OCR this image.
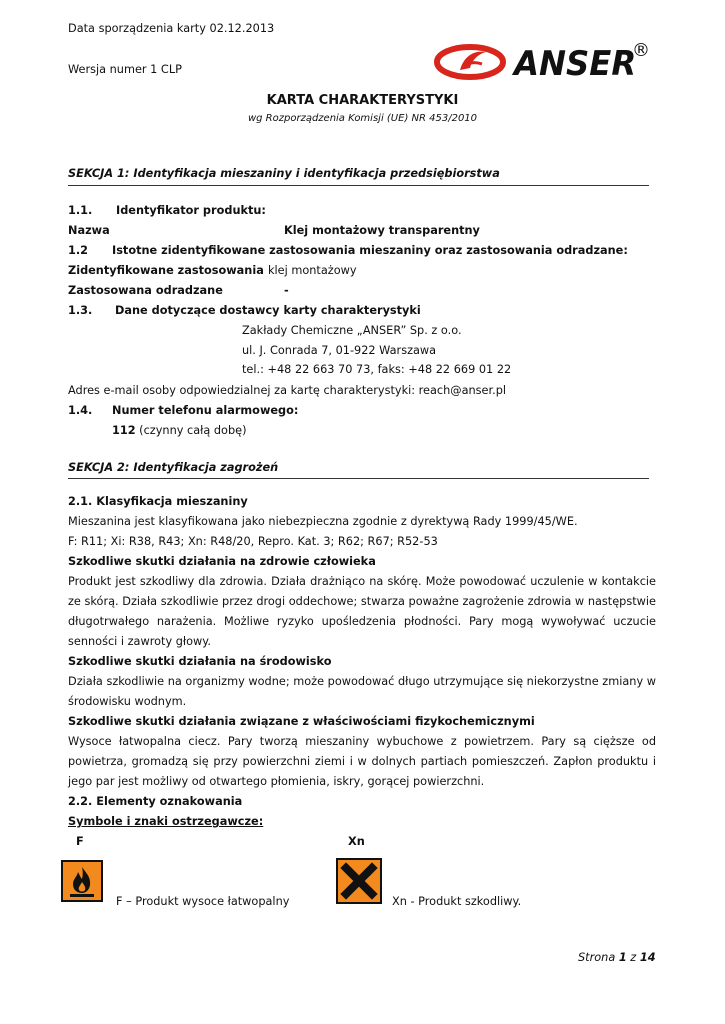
Data sporządzenia karty 02.12.2013
Wersja numer 1 CLP	ANSER
®
KARTA CHARAKTERYSTYKI
wg Rozporządzenia Komisji (UE) NR 453/2010
SEKCJA 1: Identyfikacja mieszaniny i identyfikacja przedsiębiorstwa
1.1. Identyfikator produktu:
Nazwa	Klej montażowy transparentny
1.2 Istotne zidentyfikowane zastosowania mieszaniny oraz zastosowania odradzane:
Zidentyfikowane zastosowania klej montażowy
Zastosowana odradzane	-
1.3. Dane dotyczące dostawcy karty charakterystyki
Zakłady Chemiczne „ANSER” Sp. z o.o.
ul. J. Conrada 7, 01-922 Warszawa
tel.: +48 22 663 70 73, faks: +48 22 669 01 22
Adres e-mail osoby odpowiedzialnej za kartę charakterystyki: reach@anser.pl
1.4. Numer telefonu alarmowego:
112 (czynny całą dobę)
SEKCJA 2: Identyfikacja zagrożeń
2.1. Klasyfikacja mieszaniny
Mieszanina jest klasyfikowana jako niebezpieczna zgodnie z dyrektywą Rady 1999/45/WE.
F: R11; Xi: R38, R43; Xn: R48/20, Repro. Kat. 3; R62; R67; R52-53
Szkodliwe skutki działania na zdrowie człowieka
Produkt jest szkodliwy dla zdrowia. Działa drażniąco na skórę. Może powodować uczulenie w kontakcie ze skórą. Działa szkodliwie przez drogi oddechowe; stwarza poważne zagrożenie zdrowia w następstwie długotrwałego narażenia. Możliwe ryzyko upośledzenia płodności. Pary mogą wywoływać uczucie senności i zawroty głowy.
Szkodliwe skutki działania na środowisko
Działa szkodliwie na organizmy wodne; może powodować długo utrzymujące się niekorzystne zmiany w środowisku wodnym.
Szkodliwe skutki działania związane z właściwościami fizykochemicznymi
Wysoce łatwopalna ciecz. Pary tworzą mieszaniny wybuchowe z powietrzem. Pary są cięższe od powietrza, gromadzą się przy powierzchni ziemi i w dolnych partiach pomieszczeń. Zapłon produktu i jego par jest możliwy od otwartego płomienia, iskry, gorącej powierzchni.
2.2. Elementy oznakowania
Symbole i znaki ostrzegawcze:
F	Xn
F – Produkt wysoce łatwopalny	Xn - Produkt szkodliwy.
Strona 1 z 14
